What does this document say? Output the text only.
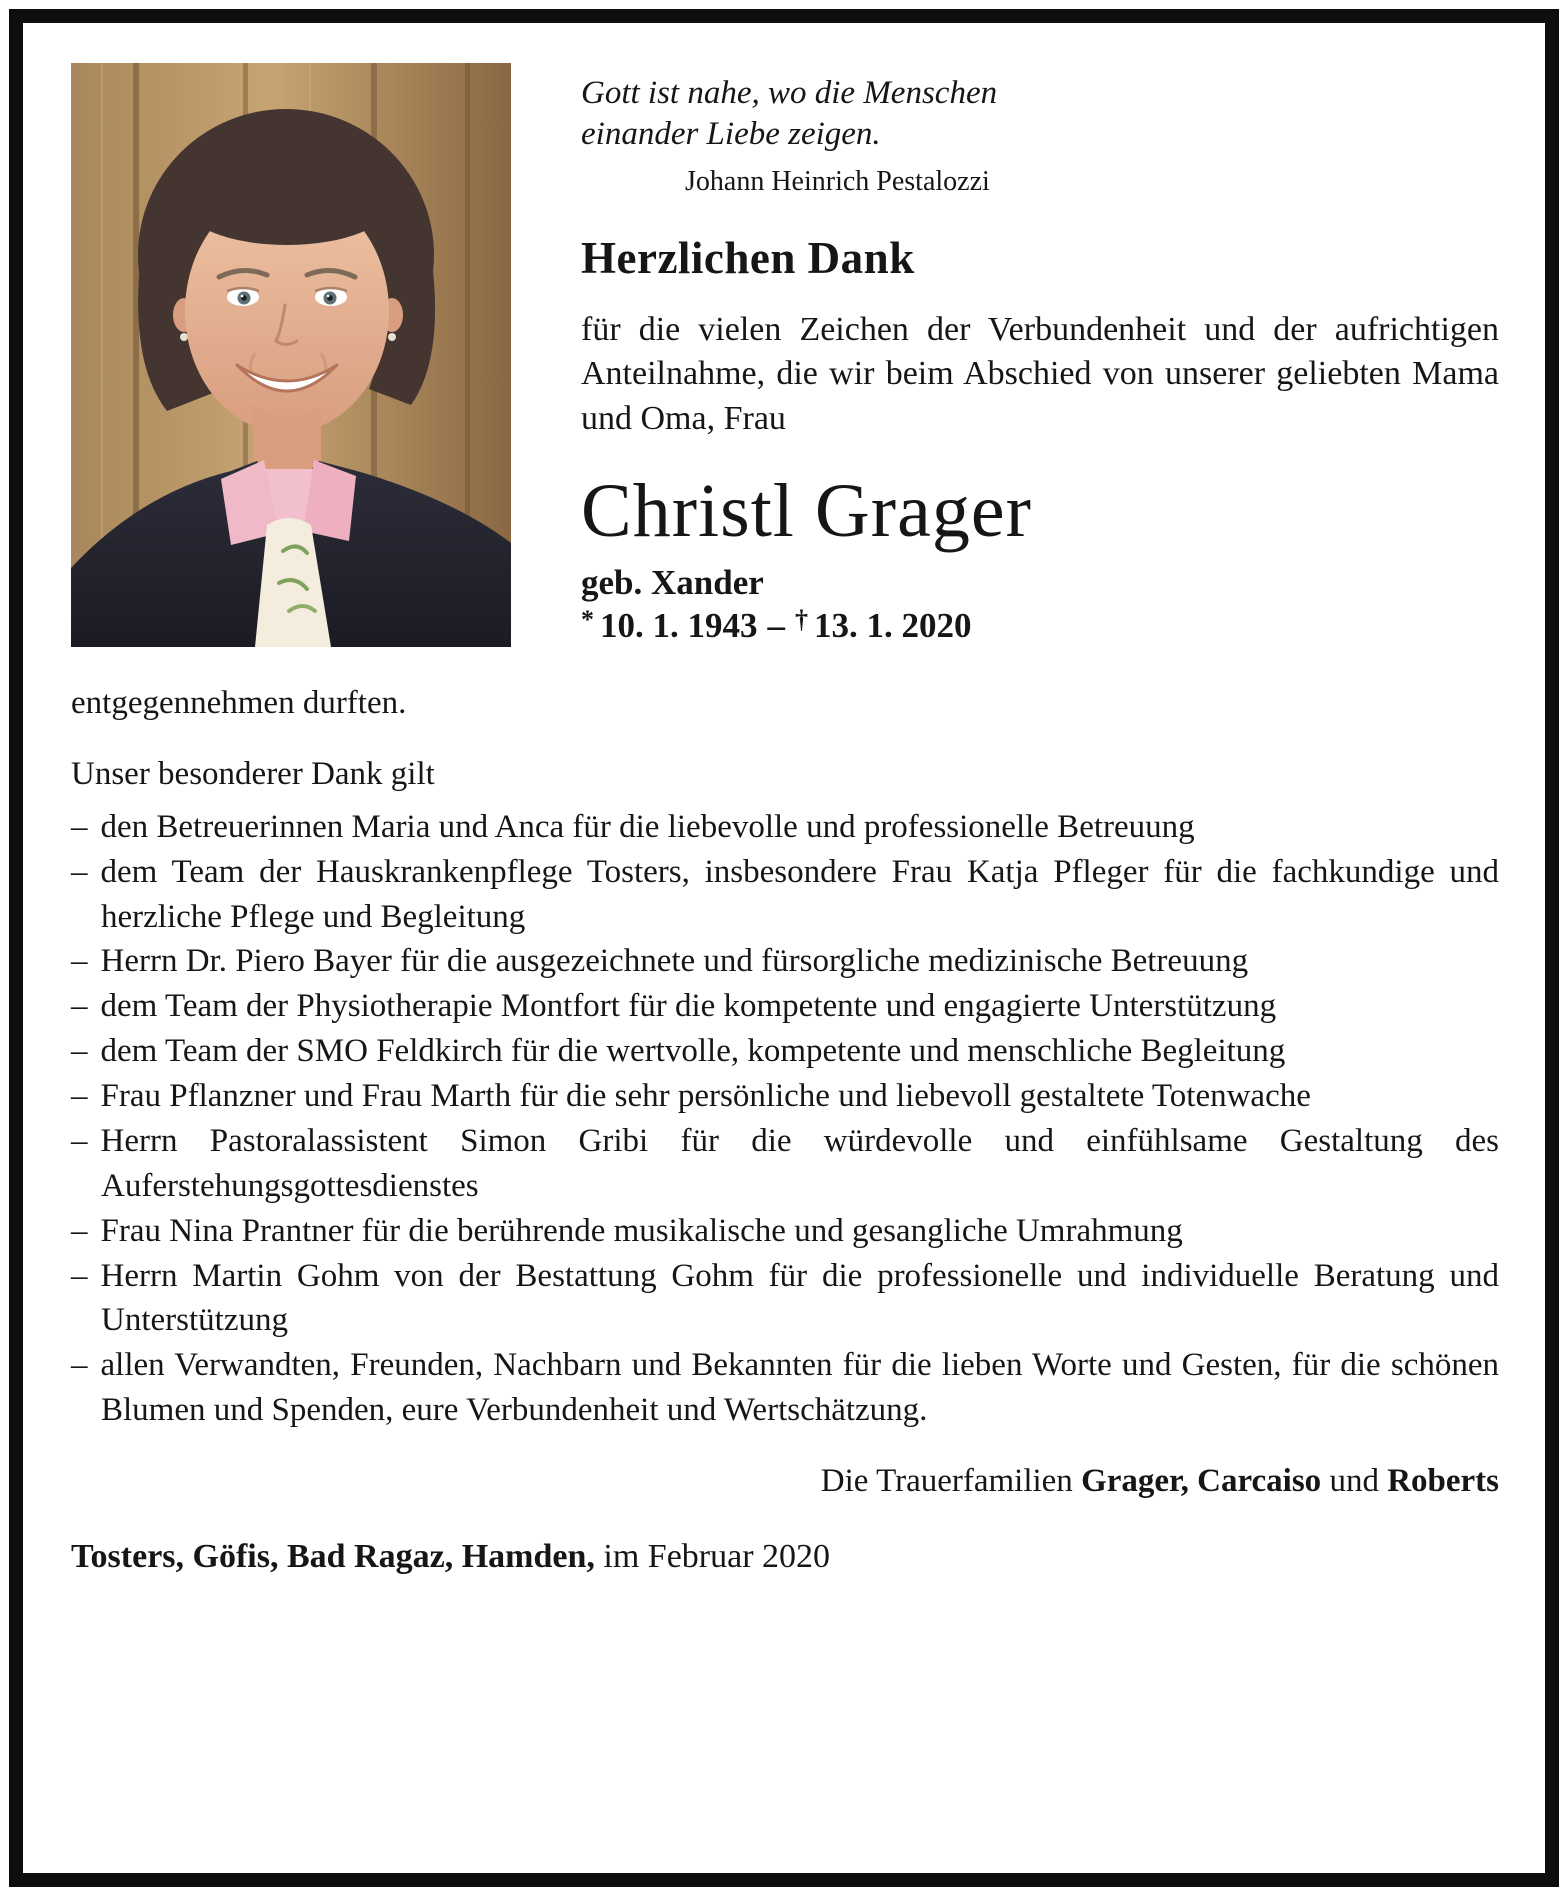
Gott ist nahe, wo die Menschen
einander Liebe zeigen.
Johann Heinrich Pestalozzi
Herzlichen Dank
für die vielen Zeichen der Verbundenheit und der aufrichtigen Anteilnahme, die wir beim Abschied von unserer geliebten Mama und Oma, Frau
Christl Grager
geb. Xander
* 10. 1. 1943 – † 13. 1. 2020
entgegennehmen durften.
Unser besonderer Dank gilt
– den Betreuerinnen Maria und Anca für die liebevolle und professionelle Betreuung
– dem Team der Hauskrankenpflege Tosters, insbesondere Frau Katja Pfleger für die fachkundige und herzliche Pflege und Begleitung
– Herrn Dr. Piero Bayer für die ausgezeichnete und fürsorgliche medizinische Betreuung
– dem Team der Physiotherapie Montfort für die kompetente und engagierte Unterstützung
– dem Team der SMO Feldkirch für die wertvolle, kompetente und menschliche Begleitung
– Frau Pflanzner und Frau Marth für die sehr persönliche und liebevoll gestaltete Totenwache
– Herrn Pastoralassistent Simon Gribi für die würdevolle und einfühlsame Gestaltung des Auferstehungsgottesdienstes
– Frau Nina Prantner für die berührende musikalische und gesangliche Umrahmung
– Herrn Martin Gohm von der Bestattung Gohm für die professionelle und individuelle Beratung und Unterstützung
– allen Verwandten, Freunden, Nachbarn und Bekannten für die lieben Worte und Gesten, für die schönen Blumen und Spenden, eure Verbundenheit und Wertschätzung.
Die Trauerfamilien Grager, Carcaiso und Roberts
Tosters, Göfis, Bad Ragaz, Hamden, im Februar 2020
